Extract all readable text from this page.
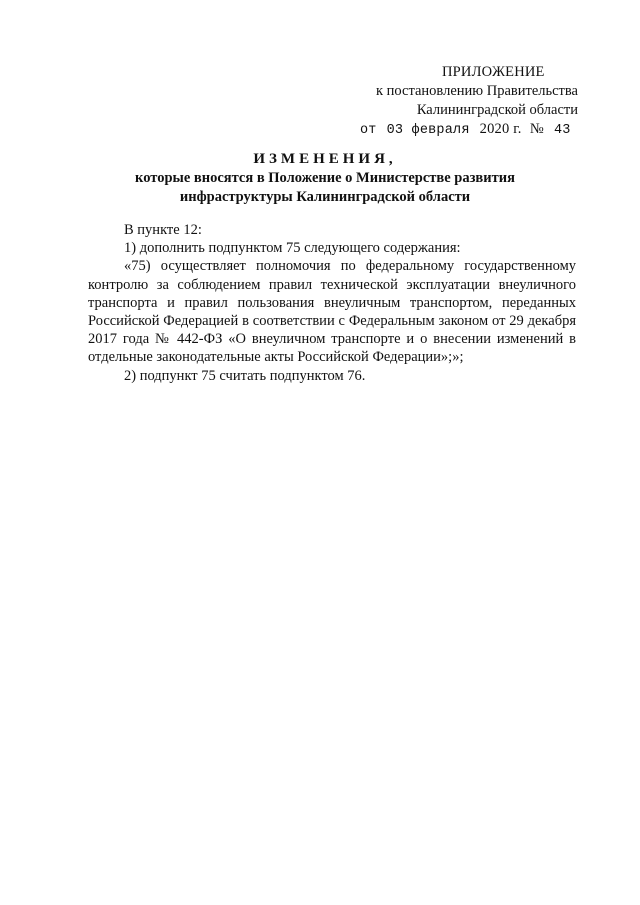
ПРИЛОЖЕНИЕ
к постановлению Правительства
Калининградской области
от 03 февраля 2020 г. № 43
ИЗМЕНЕНИЯ,
которые вносятся в Положение о Министерстве развития
инфраструктуры Калининградской области

В пункте 12:

1) дополнить подпунктом 75 следующего содержания:

«75) осуществляет полномочия по федеральному государственному контролю за соблюдением правил технической эксплуатации внеуличного транспорта и правил пользования внеуличным транспортом, переданных Российской Федерацией в соответствии с Федеральным законом от 29 декабря 2017 года № 442-ФЗ «О внеуличном транспорте и о внесении изменений в отдельные законодательные акты Российской Федерации»;»;

2) подпункт 75 считать подпунктом 76.
